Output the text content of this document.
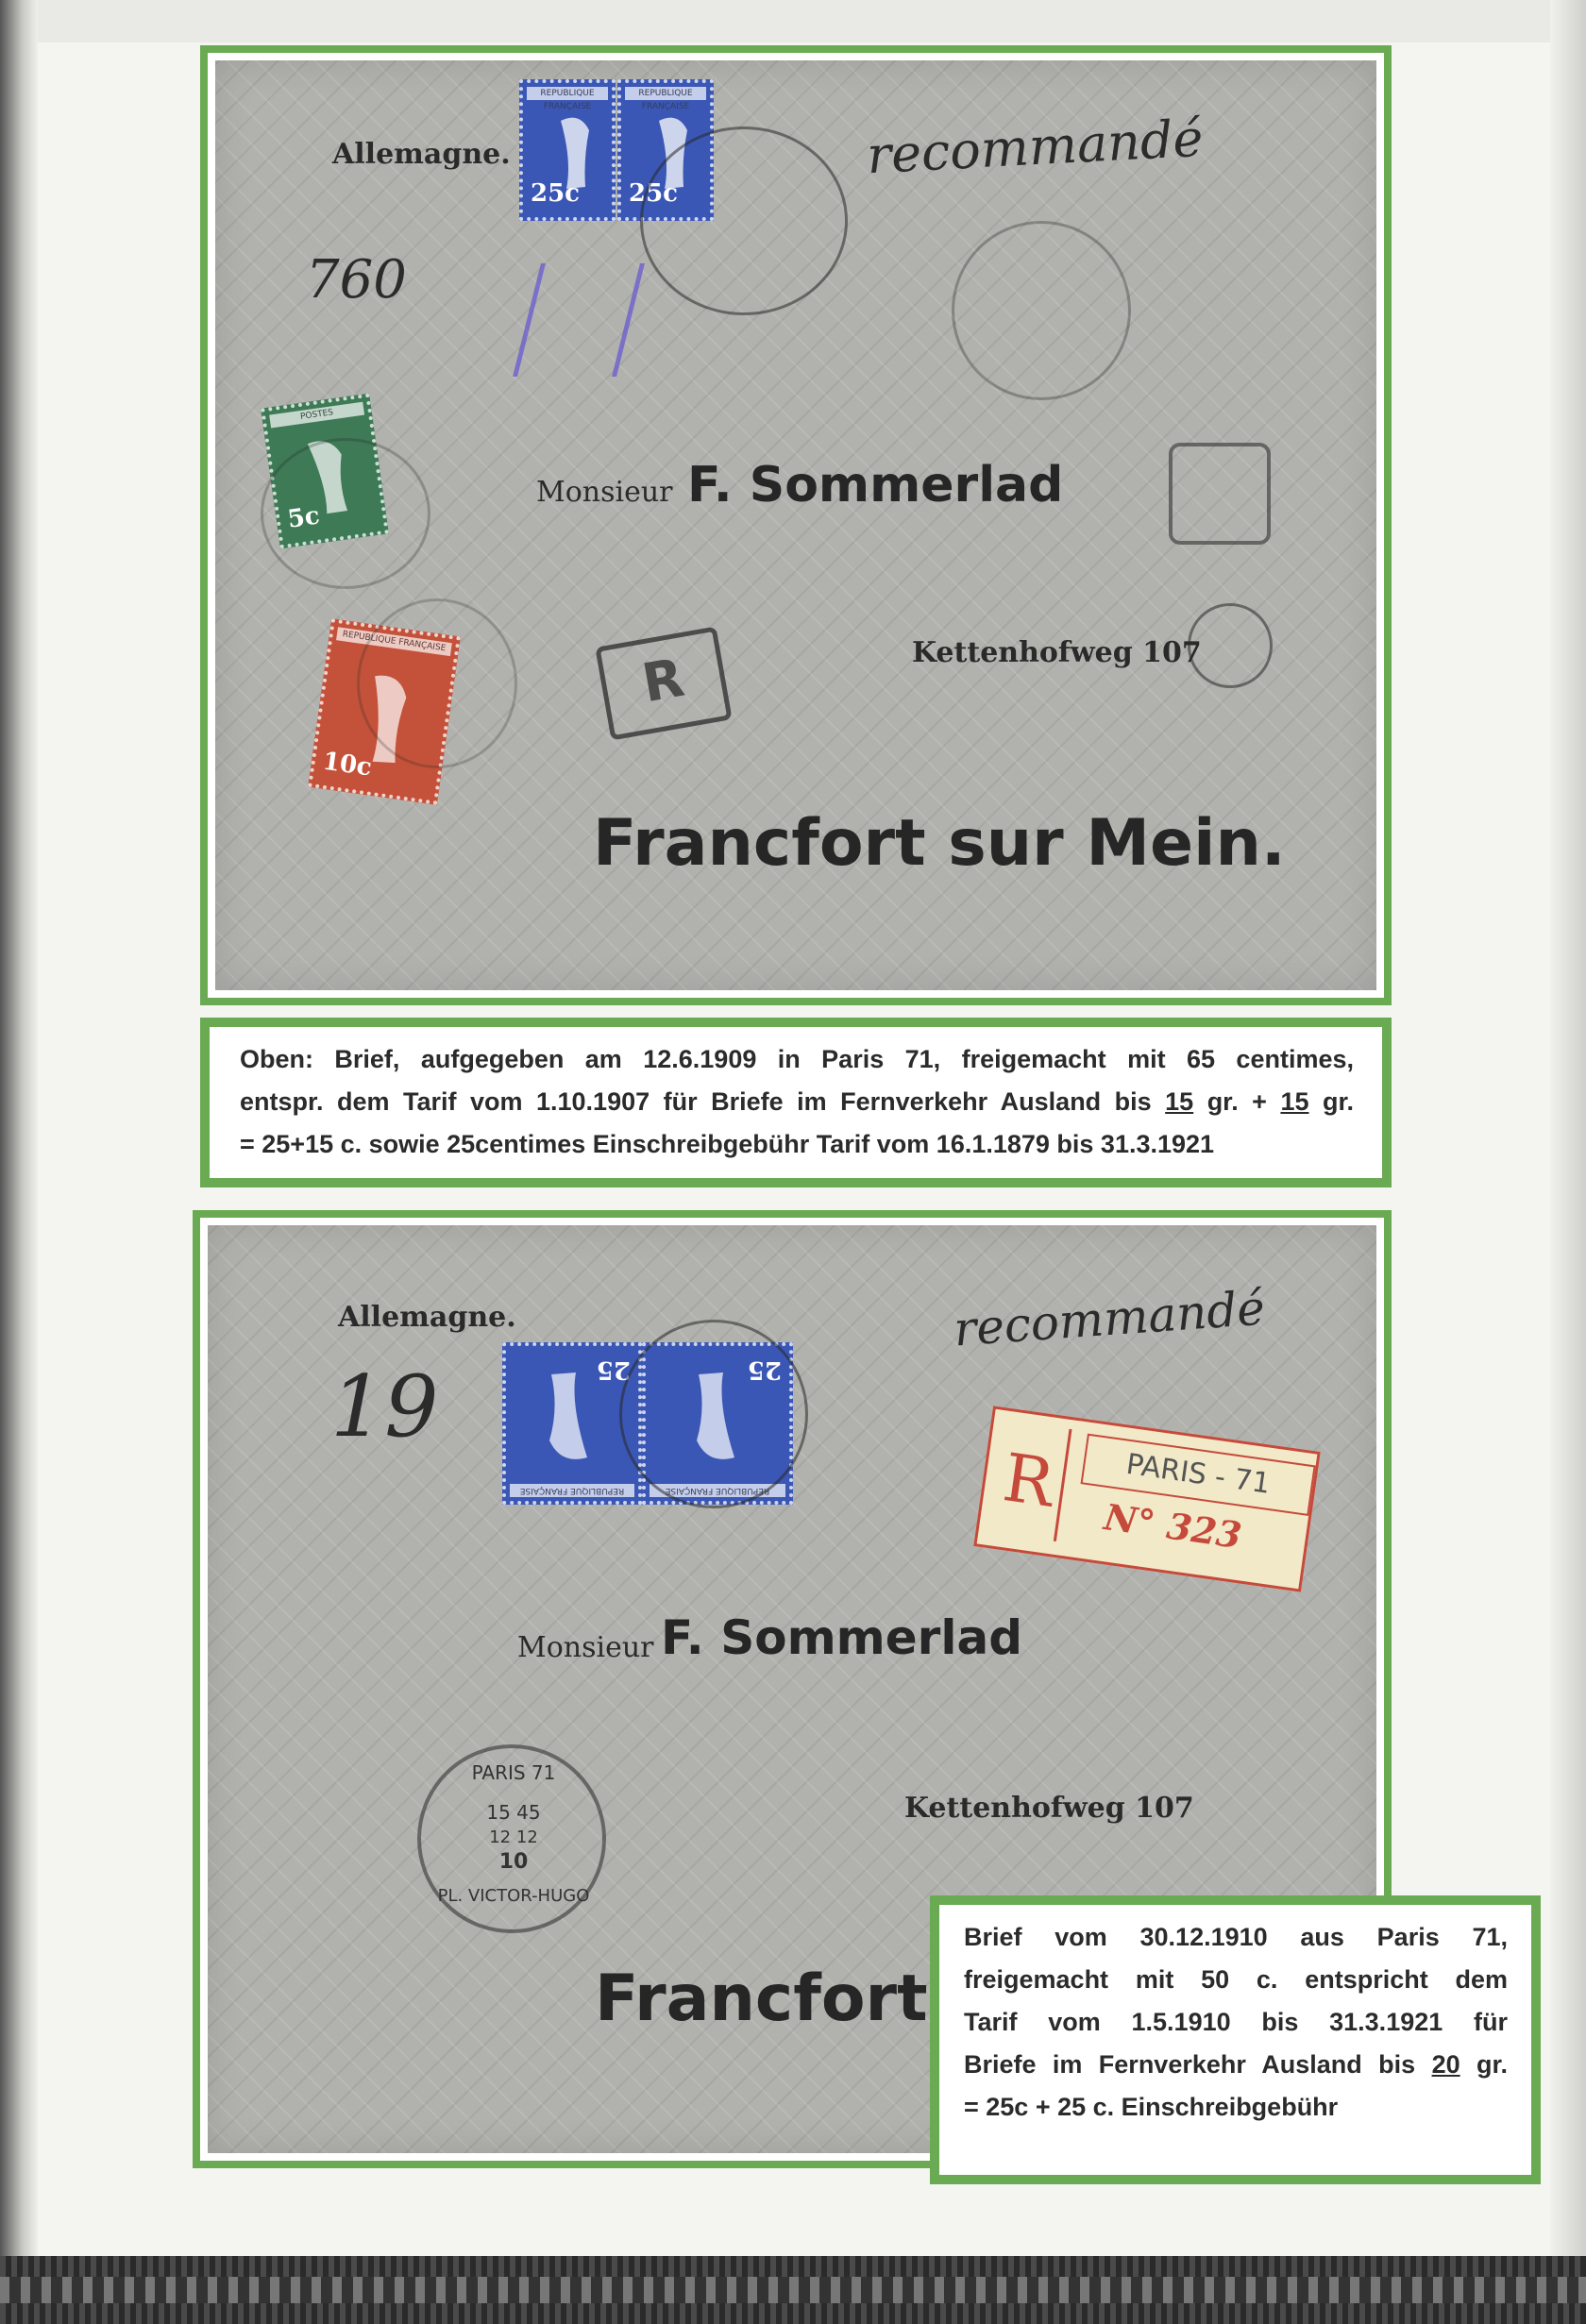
Allemagne.
REPUBLIQUE FRANÇAISE
25c
REPUBLIQUE FRANÇAISE
25c
POSTES
5c
REPUBLIQUE FRANÇAISE
10c
R
recommandé
760
Monsieur F. Sommerlad
Kettenhofweg 107
Francfort sur Mein.
Oben: Brief, aufgegeben am 12.6.1909 in Paris 71, freigemacht mit 65 centimes,
entspr. dem Tarif vom 1.10.1907 für Briefe im Fernverkehr Ausland bis 15 gr. + 15 gr.
= 25+15 c. sowie 25centimes Einschreibgebühr Tarif vom 16.1.1879 bis 31.3.1921
Allemagne.
REPUBLIQUE FRANÇAISE
25
REPUBLIQUE FRANÇAISE
25
recommandé
19
R	PARIS - 71
N° 323
Monsieur F. Sommerlad
Kettenhofweg 107
PARIS 71
15 45
12 12
10
PL. VICTOR-HUGO
Francfort
Brief vom 30.12.1910 aus Paris 71,
freigemacht mit 50 c. entspricht dem
Tarif vom 1.5.1910 bis 31.3.1921 für
Briefe im Fernverkehr Ausland bis 20 gr.
= 25c + 25 c. Einschreibgebühr
